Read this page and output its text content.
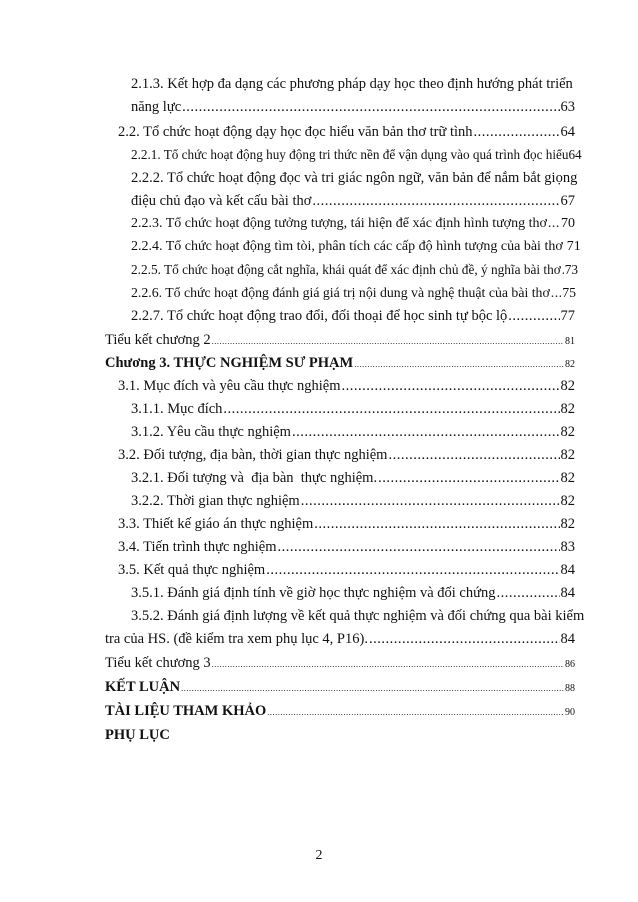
2.1.3. Kết hợp đa dạng các phương pháp dạy học theo định hướng phát triển
năng lực .....	63
2.2. Tổ chức hoạt động dạy học đọc hiểu văn bản thơ trữ tình .....	64
2.2.1. Tổ chức hoạt động huy động tri thức nền để vận dụng vào quá trình đọc hiểu 64
2.2.2. Tổ chức hoạt động đọc và tri giác ngôn ngữ, văn bản để nắm bắt giọng
điệu chủ đạo và kết cấu bài thơ .....	67
2.2.3. Tổ chức hoạt động tưởng tượng, tái hiện để xác định hình tượng thơ ..... 70
2.2.4. Tổ chức hoạt động tìm tòi, phân tích các cấp độ hình tượng của bài thơ 71
2.2.5. Tổ chức hoạt động cắt nghĩa, khái quát để xác định chủ đề, ý nghĩa bài thơ ..... 73
2.2.6. Tổ chức hoạt động đánh giá giá trị nội dung và nghệ thuật của bài thơ ..... 75
2.2.7. Tổ chức hoạt động trao đổi, đối thoại để học sinh tự bộc lộ .....	77
Tiểu kết chương 2 .....	81
Chương 3. THỰC NGHIỆM SƯ PHẠM .....	82
3.1. Mục đích và yêu cầu thực nghiệm .....	82
3.1.1. Mục đích .....	82
3.1.2. Yêu cầu thực nghiệm .....	82
3.2. Đối tượng, địa bàn, thời gian thực nghiệm .....	82
3.2.1. Đối tượng và  địa bàn  thực nghiệm. .....	82
3.2.2. Thời gian thực nghiệm .....	82
3.3. Thiết kế giáo án thực nghiệm .....	82
3.4. Tiến trình thực nghiệm .....	83
3.5. Kết quả thực nghiệm .....	84
3.5.1. Đánh giá định tính về giờ học thực nghiệm và đối chứng .....	84
3.5.2. Đánh giá định lượng về kết quả thực nghiệm và đối chứng qua bài kiểm
tra của HS. (đề kiểm tra xem phụ lục 4, P16). .....	84
Tiểu kết chương 3 .....	86
KẾT LUẬN .....	88
TÀI LIỆU THAM KHẢO .....	90
PHỤ LỤC
2
